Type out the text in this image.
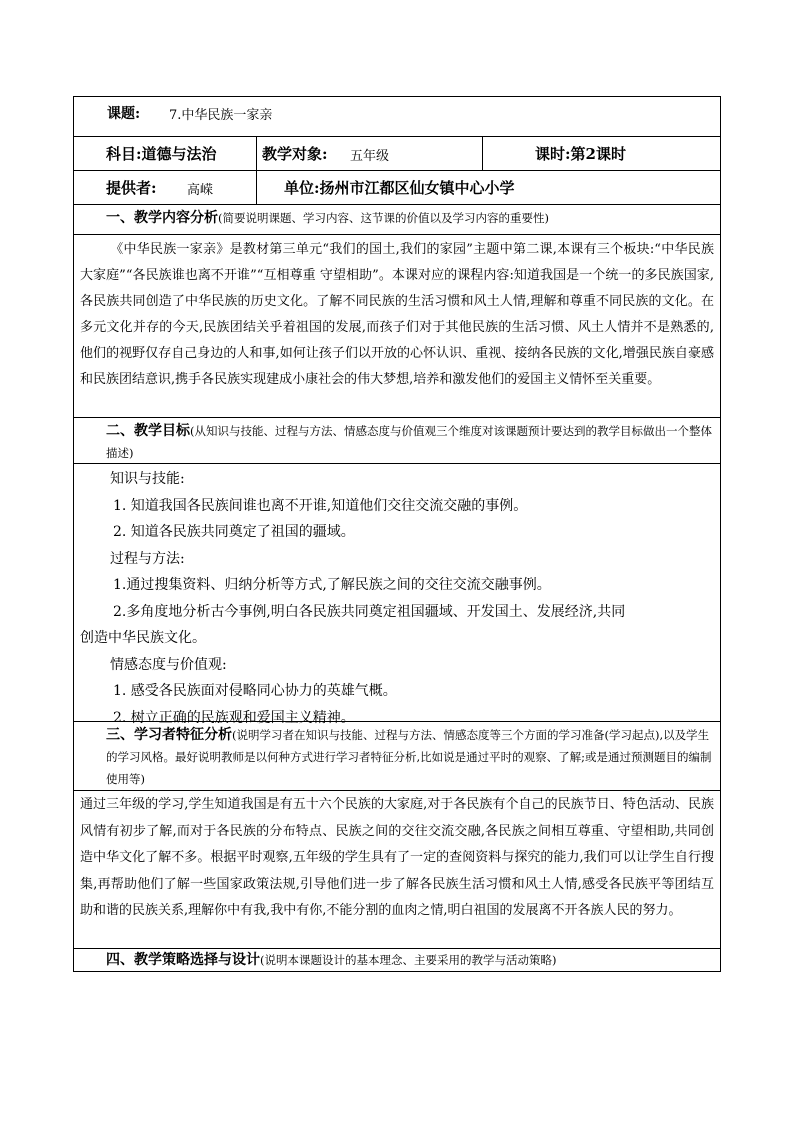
课题: 7.中华民族一家亲
科目:道德与法治	教学对象: 五年级	课时:第2课时
提供者: 高嵘	单位:扬州市江都区仙女镇中心小学
一、教学内容分析(简要说明课题、学习内容、这节课的价值以及学习内容的重要性)
《中华民族一家亲》是教材第三单元“我们的国土,我们的家园”主题中第二课,本课有三个板块:“中华民族大家庭”“各民族谁也离不开谁”“互相尊重 守望相助”。本课对应的课程内容:知道我国是一个统一的多民族国家,各民族共同创造了中华民族的历史文化。了解不同民族的生活习惯和风土人情,理解和尊重不同民族的文化。在多元文化并存的今天,民族团结关乎着祖国的发展,而孩子们对于其他民族的生活习惯、风土人情并不是熟悉的,他们的视野仅存自己身边的人和事,如何让孩子们以开放的心怀认识、重视、接纳各民族的文化,增强民族自豪感和民族团结意识,携手各民族实现建成小康社会的伟大梦想,培养和激发他们的爱国主义情怀至关重要。
二、教学目标(从知识与技能、过程与方法、情感态度与价值观三个维度对该课题预计要达到的教学目标做出一个整体描述)
知识与技能:
1. 知道我国各民族间谁也离不开谁,知道他们交往交流交融的事例。
2. 知道各民族共同奠定了祖国的疆域。
过程与方法:
1.通过搜集资料、归纳分析等方式,了解民族之间的交往交流交融事例。
2.多角度地分析古今事例,明白各民族共同奠定祖国疆域、开发国土、发展经济,共同
创造中华民族文化。
情感态度与价值观:
1. 感受各民族面对侵略同心协力的英雄气概。
2. 树立正确的民族观和爱国主义精神。
三、学习者特征分析(说明学习者在知识与技能、过程与方法、情感态度等三个方面的学习准备(学习起点),以及学生的学习风格。最好说明教师是以何种方式进行学习者特征分析,比如说是通过平时的观察、了解;或是通过预测题目的编制使用等)
通过三年级的学习,学生知道我国是有五十六个民族的大家庭,对于各民族有个自己的民族节日、特色活动、民族风情有初步了解,而对于各民族的分布特点、民族之间的交往交流交融,各民族之间相互尊重、守望相助,共同创造中华文化了解不多。根据平时观察,五年级的学生具有了一定的查阅资料与探究的能力,我们可以让学生自行搜集,再帮助他们了解一些国家政策法规,引导他们进一步了解各民族生活习惯和风土人情,感受各民族平等团结互助和谐的民族关系,理解你中有我,我中有你,不能分割的血肉之情,明白祖国的发展离不开各族人民的努力。
四、教学策略选择与设计(说明本课题设计的基本理念、主要采用的教学与活动策略)
